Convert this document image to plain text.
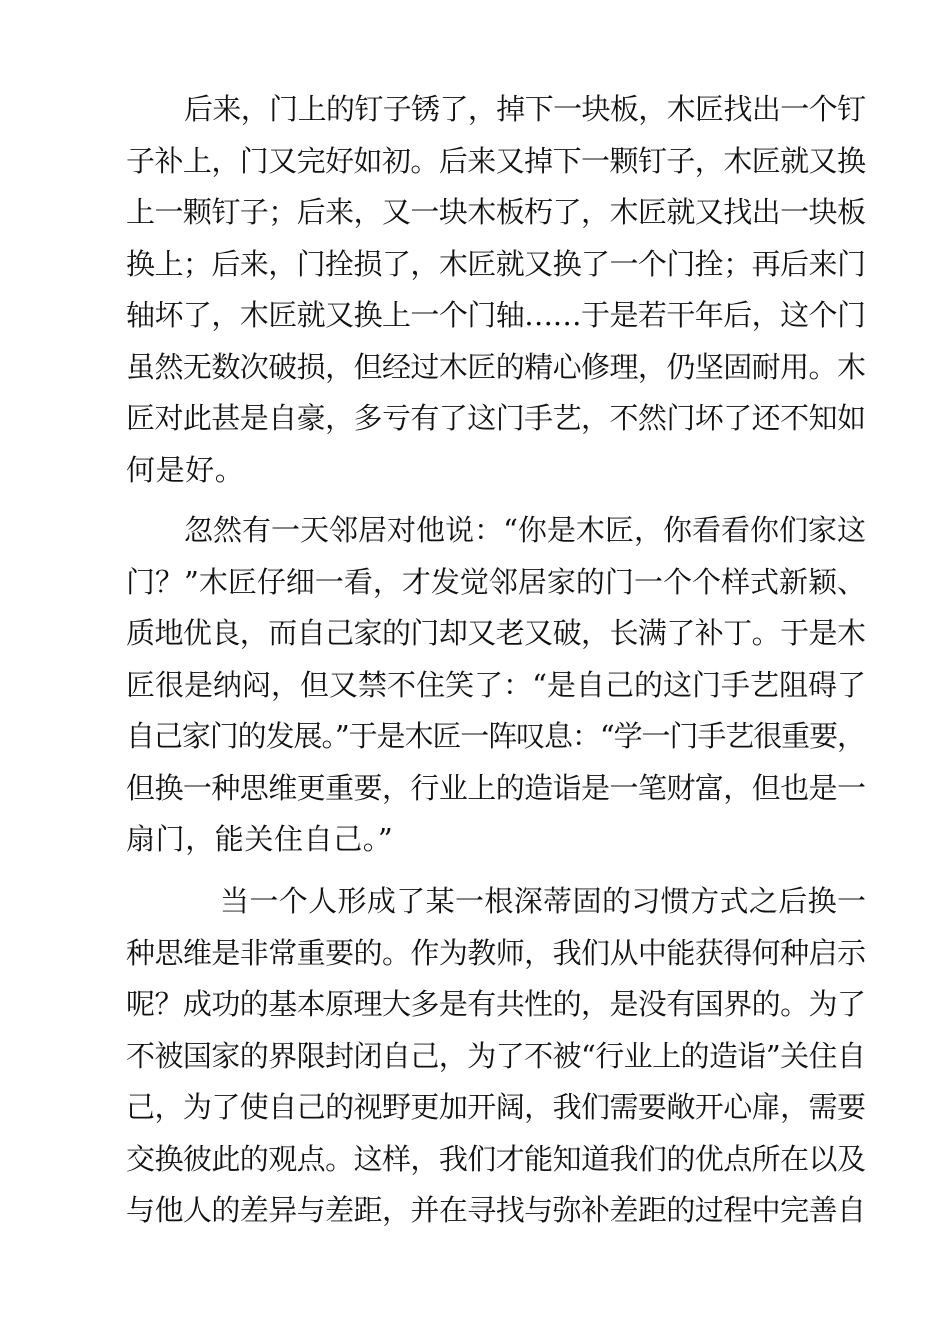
后来，门上的钉子锈了，掉下一块板，木匠找出一个钉
子补上，门又完好如初。后来又掉下一颗钉子，木匠就又换
上一颗钉子；后来，又一块木板朽了，木匠就又找出一块板
换上；后来，门拴损了，木匠就又换了一个门拴；再后来门
轴坏了，木匠就又换上一个门轴……于是若干年后，这个门
虽然无数次破损，但经过木匠的精心修理，仍坚固耐用。木
匠对此甚是自豪，多亏有了这门手艺，不然门坏了还不知如
何是好。
忽然有一天邻居对他说：“你是木匠，你看看你们家这
门？”木匠仔细一看，才发觉邻居家的门一个个样式新颖、
质地优良，而自己家的门却又老又破，长满了补丁。于是木
匠很是纳闷，但又禁不住笑了：“是自己的这门手艺阻碍了
自己家门的发展。”于是木匠一阵叹息：“学一门手艺很重要，
但换一种思维更重要，行业上的造诣是一笔财富，但也是一
扇门，能关住自己。”
当一个人形成了某一根深蒂固的习惯方式之后换一
种思维是非常重要的。作为教师，我们从中能获得何种启示
呢？成功的基本原理大多是有共性的，是没有国界的。为了
不被国家的界限封闭自己，为了不被“行业上的造诣”关住自
己，为了使自己的视野更加开阔，我们需要敞开心扉，需要
交换彼此的观点。这样，我们才能知道我们的优点所在以及
与他人的差异与差距，并在寻找与弥补差距的过程中完善自
